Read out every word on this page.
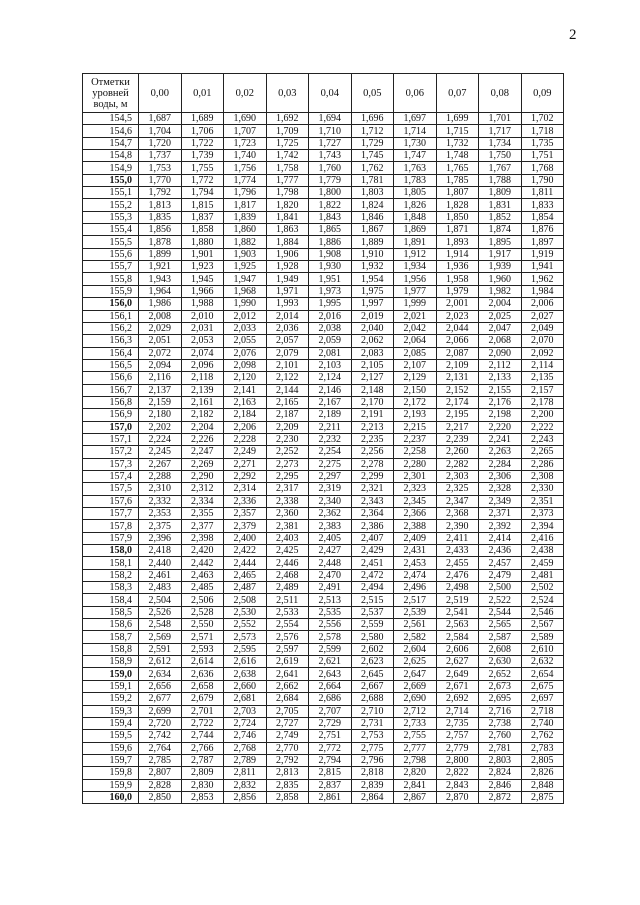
2
Отметки уровней воды, м	0,00	0,01	0,02	0,03	0,04	0,05	0,06	0,07	0,08	0,09
154,5	1,687	1,689	1,690	1,692	1,694	1,696	1,697	1,699	1,701	1,702
154,6	1,704	1,706	1,707	1,709	1,710	1,712	1,714	1,715	1,717	1,718
154,7	1,720	1,722	1,723	1,725	1,727	1,729	1,730	1,732	1,734	1,735
154,8	1,737	1,739	1,740	1,742	1,743	1,745	1,747	1,748	1,750	1,751
154,9	1,753	1,755	1,756	1,758	1,760	1,762	1,763	1,765	1,767	1,768
155,0	1,770	1,772	1,774	1,777	1,779	1,781	1,783	1,785	1,788	1,790
155,1	1,792	1,794	1,796	1,798	1,800	1,803	1,805	1,807	1,809	1,811
155,2	1,813	1,815	1,817	1,820	1,822	1,824	1,826	1,828	1,831	1,833
155,3	1,835	1,837	1,839	1,841	1,843	1,846	1,848	1,850	1,852	1,854
155,4	1,856	1,858	1,860	1,863	1,865	1,867	1,869	1,871	1,874	1,876
155,5	1,878	1,880	1,882	1,884	1,886	1,889	1,891	1,893	1,895	1,897
155,6	1,899	1,901	1,903	1,906	1,908	1,910	1,912	1,914	1,917	1,919
155,7	1,921	1,923	1,925	1,928	1,930	1,932	1,934	1,936	1,939	1,941
155,8	1,943	1,945	1,947	1,949	1,951	1,954	1,956	1,958	1,960	1,962
155,9	1,964	1,966	1,968	1,971	1,973	1,975	1,977	1,979	1,982	1,984
156,0	1,986	1,988	1,990	1,993	1,995	1,997	1,999	2,001	2,004	2,006
156,1	2,008	2,010	2,012	2,014	2,016	2,019	2,021	2,023	2,025	2,027
156,2	2,029	2,031	2,033	2,036	2,038	2,040	2,042	2,044	2,047	2,049
156,3	2,051	2,053	2,055	2,057	2,059	2,062	2,064	2,066	2,068	2,070
156,4	2,072	2,074	2,076	2,079	2,081	2,083	2,085	2,087	2,090	2,092
156,5	2,094	2,096	2,098	2,101	2,103	2,105	2,107	2,109	2,112	2,114
156,6	2,116	2,118	2,120	2,122	2,124	2,127	2,129	2,131	2,133	2,135
156,7	2,137	2,139	2,141	2,144	2,146	2,148	2,150	2,152	2,155	2,157
156,8	2,159	2,161	2,163	2,165	2,167	2,170	2,172	2,174	2,176	2,178
156,9	2,180	2,182	2,184	2,187	2,189	2,191	2,193	2,195	2,198	2,200
157,0	2,202	2,204	2,206	2,209	2,211	2,213	2,215	2,217	2,220	2,222
157,1	2,224	2,226	2,228	2,230	2,232	2,235	2,237	2,239	2,241	2,243
157,2	2,245	2,247	2,249	2,252	2,254	2,256	2,258	2,260	2,263	2,265
157,3	2,267	2,269	2,271	2,273	2,275	2,278	2,280	2,282	2,284	2,286
157,4	2,288	2,290	2,292	2,295	2,297	2,299	2,301	2,303	2,306	2,308
157,5	2,310	2,312	2,314	2,317	2,319	2,321	2,323	2,325	2,328	2,330
157,6	2,332	2,334	2,336	2,338	2,340	2,343	2,345	2,347	2,349	2,351
157,7	2,353	2,355	2,357	2,360	2,362	2,364	2,366	2,368	2,371	2,373
157,8	2,375	2,377	2,379	2,381	2,383	2,386	2,388	2,390	2,392	2,394
157,9	2,396	2,398	2,400	2,403	2,405	2,407	2,409	2,411	2,414	2,416
158,0	2,418	2,420	2,422	2,425	2,427	2,429	2,431	2,433	2,436	2,438
158,1	2,440	2,442	2,444	2,446	2,448	2,451	2,453	2,455	2,457	2,459
158,2	2,461	2,463	2,465	2,468	2,470	2,472	2,474	2,476	2,479	2,481
158,3	2,483	2,485	2,487	2,489	2,491	2,494	2,496	2,498	2,500	2,502
158,4	2,504	2,506	2,508	2,511	2,513	2,515	2,517	2,519	2,522	2,524
158,5	2,526	2,528	2,530	2,533	2,535	2,537	2,539	2,541	2,544	2,546
158,6	2,548	2,550	2,552	2,554	2,556	2,559	2,561	2,563	2,565	2,567
158,7	2,569	2,571	2,573	2,576	2,578	2,580	2,582	2,584	2,587	2,589
158,8	2,591	2,593	2,595	2,597	2,599	2,602	2,604	2,606	2,608	2,610
158,9	2,612	2,614	2,616	2,619	2,621	2,623	2,625	2,627	2,630	2,632
159,0	2,634	2,636	2,638	2,641	2,643	2,645	2,647	2,649	2,652	2,654
159,1	2,656	2,658	2,660	2,662	2,664	2,667	2,669	2,671	2,673	2,675
159,2	2,677	2,679	2,681	2,684	2,686	2,688	2,690	2,692	2,695	2,697
159,3	2,699	2,701	2,703	2,705	2,707	2,710	2,712	2,714	2,716	2,718
159,4	2,720	2,722	2,724	2,727	2,729	2,731	2,733	2,735	2,738	2,740
159,5	2,742	2,744	2,746	2,749	2,751	2,753	2,755	2,757	2,760	2,762
159,6	2,764	2,766	2,768	2,770	2,772	2,775	2,777	2,779	2,781	2,783
159,7	2,785	2,787	2,789	2,792	2,794	2,796	2,798	2,800	2,803	2,805
159,8	2,807	2,809	2,811	2,813	2,815	2,818	2,820	2,822	2,824	2,826
159,9	2,828	2,830	2,832	2,835	2,837	2,839	2,841	2,843	2,846	2,848
160,0	2,850	2,853	2,856	2,858	2,861	2,864	2,867	2,870	2,872	2,875
